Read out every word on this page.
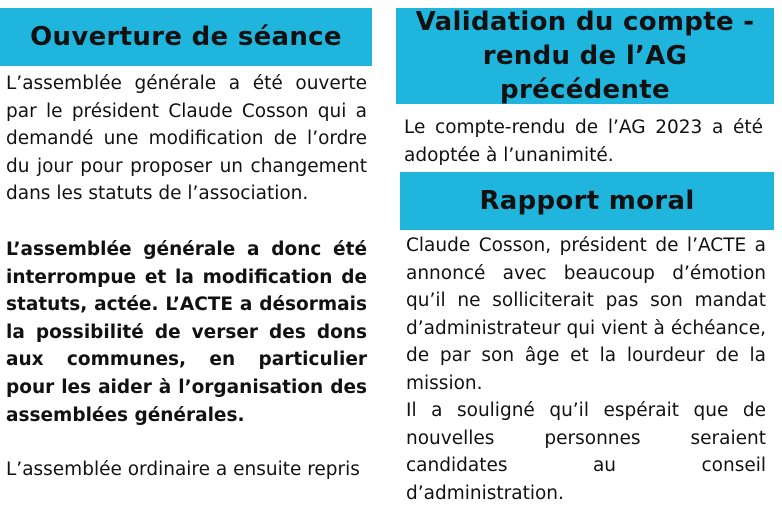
Ouverture de séance

L’assemblée générale a été ouverte par le président Claude Cosson qui a demandé une modification de l’ordre du jour pour proposer un changement dans les statuts de l’association.

L’assemblée générale a donc été interrompue et la modification de statuts, actée. L’ACTE a désormais la possibilité de verser des dons aux communes, en particulier pour les aider à l’organisation des assemblées générales.

L’assemblée ordinaire a ensuite repris

Validation du compte - rendu de l’AG précédente

Le compte-rendu de l’AG 2023 a été adoptée à l’unanimité.

Rapport moral

Claude Cosson, président de l’ACTE a annoncé avec beaucoup d’émotion qu’il ne solliciterait pas son mandat d’administrateur qui vient à échéance, de par son âge et la lourdeur de la mission.

Il a souligné qu’il espérait que de nouvelles personnes seraient candidates au conseil d’administration.
